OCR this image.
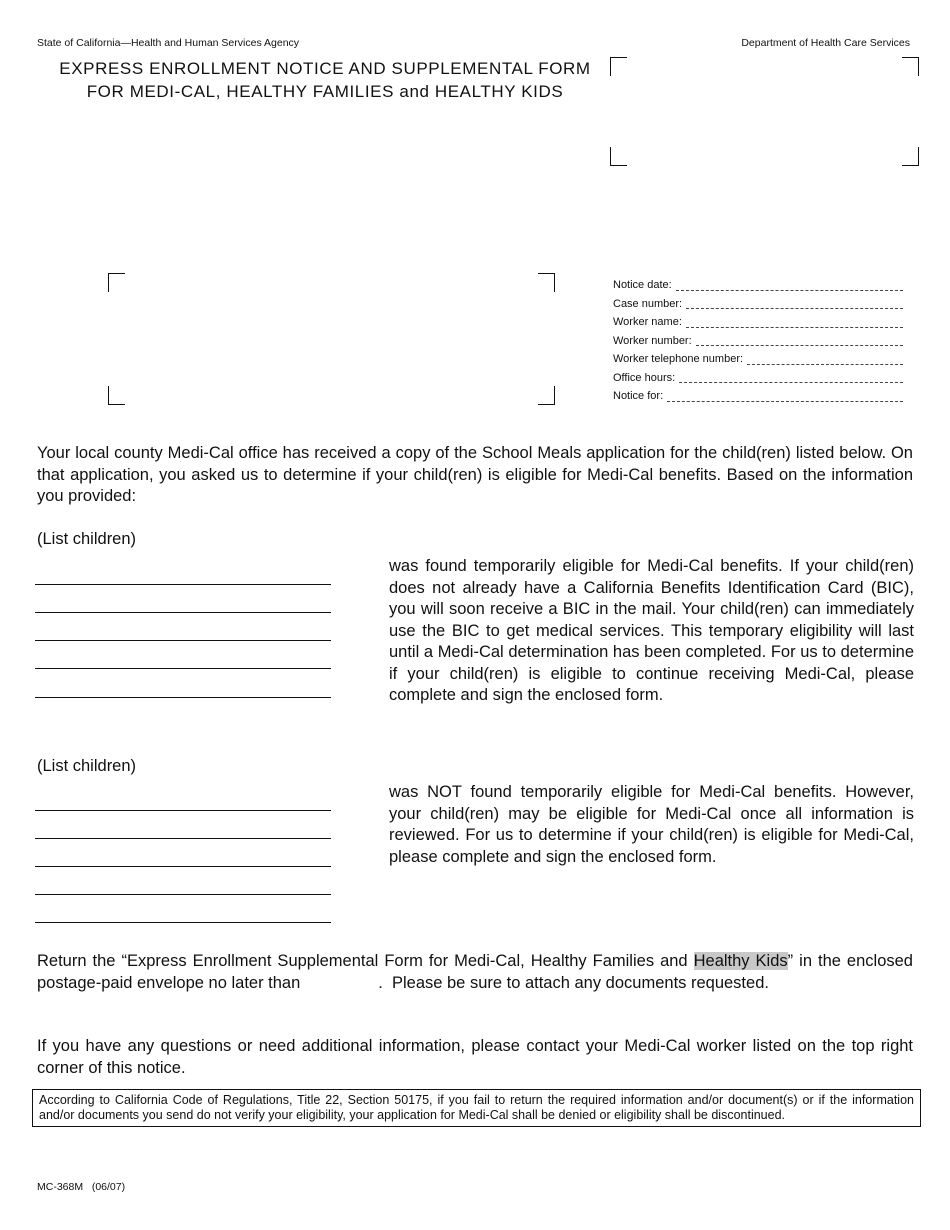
State of California—Health and Human Services Agency	Department of Health Care Services
EXPRESS ENROLLMENT NOTICE AND SUPPLEMENTAL FORM
FOR MEDI-CAL, HEALTHY FAMILIES and HEALTHY KIDS
Notice date:
Case number:
Worker name:
Worker number:
Worker telephone number:
Office hours:
Notice for:
Your local county Medi-Cal office has received a copy of the School Meals application for the child(ren) listed below. On that application, you asked us to determine if your child(ren) is eligible for Medi-Cal benefits. Based on the information you provided:
(List children)
was found temporarily eligible for Medi-Cal benefits. If your child(ren) does not already have a California Benefits Identification Card (BIC), you will soon receive a BIC in the mail. Your child(ren) can immediately use the BIC to get medical services. This temporary eligibility will last until a Medi-Cal determination has been completed. For us to determine if your child(ren) is eligible to continue receiving Medi-Cal, please complete and sign the enclosed form.
(List children)
was NOT found temporarily eligible for Medi-Cal benefits. However, your child(ren) may be eligible for Medi-Cal once all information is reviewed. For us to determine if your child(ren) is eligible for Medi-Cal, please complete and sign the enclosed form.
Return the “Express Enrollment Supplemental Form for Medi-Cal, Healthy Families and Healthy Kids” in the enclosed postage-paid envelope no later than                 .  Please be sure to attach any documents requested.
If you have any questions or need additional information, please contact your Medi-Cal worker listed on the top right corner of this notice.
According to California Code of Regulations, Title 22, Section 50175, if you fail to return the required information and/or document(s) or if the information and/or documents you send do not verify your eligibility, your application for Medi-Cal shall be denied or eligibility shall be discontinued.
MC-368M   (06/07)
